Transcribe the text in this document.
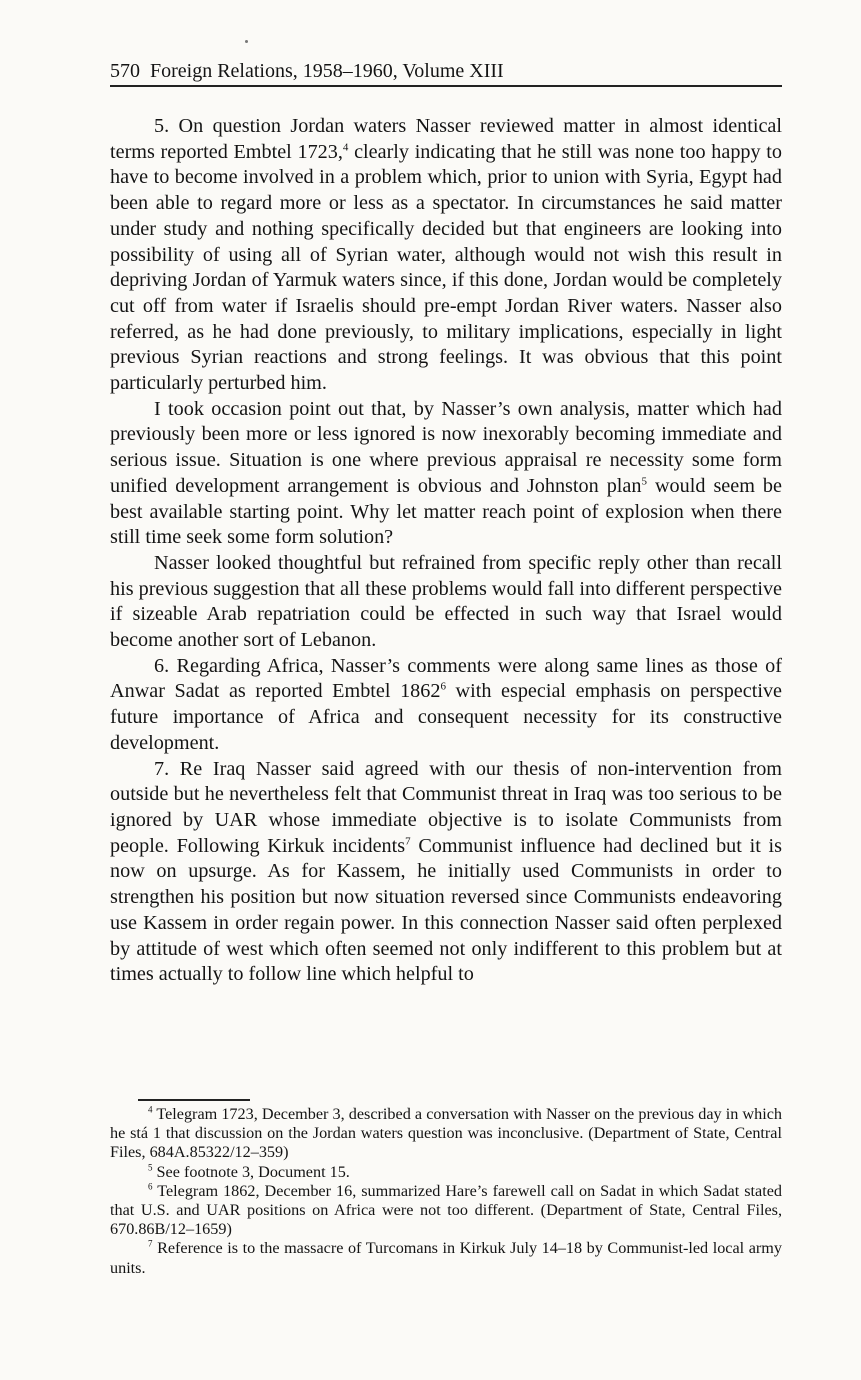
570 Foreign Relations, 1958–1960, Volume XIII

5. On question Jordan waters Nasser reviewed matter in almost identical terms reported Embtel 1723,$^4$ clearly indicating that he still was none too happy to have to become involved in a problem which, prior to union with Syria, Egypt had been able to regard more or less as a spectator. In circumstances he said matter under study and nothing specifically decided but that engineers are looking into possibility of using all of Syrian water, although would not wish this result in depriving Jordan of Yarmuk waters since, if this done, Jordan would be completely cut off from water if Israelis should pre-empt Jordan River waters. Nasser also referred, as he had done previously, to military implications, especially in light previous Syrian reactions and strong feelings. It was obvious that this point particularly perturbed him.

I took occasion point out that, by Nasser’s own analysis, matter which had previously been more or less ignored is now inexorably becoming immediate and serious issue. Situation is one where previous appraisal re necessity some form unified development arrangement is obvious and Johnston plan$^5$ would seem be best available starting point. Why let matter reach point of explosion when there still time seek some form solution?

Nasser looked thoughtful but refrained from specific reply other than recall his previous suggestion that all these problems would fall into different perspective if sizeable Arab repatriation could be effected in such way that Israel would become another sort of Lebanon.

6. Regarding Africa, Nasser’s comments were along same lines as those of Anwar Sadat as reported Embtel 1862$^6$ with especial emphasis on perspective future importance of Africa and consequent necessity for its constructive development.

7. Re Iraq Nasser said agreed with our thesis of non-intervention from outside but he nevertheless felt that Communist threat in Iraq was too serious to be ignored by UAR whose immediate objective is to isolate Communists from people. Following Kirkuk incidents$^7$ Communist influence had declined but it is now on upsurge. As for Kassem, he initially used Communists in order to strengthen his position but now situation reversed since Communists endeavoring use Kassem in order regain power. In this connection Nasser said often perplexed by attitude of west which often seemed not only indifferent to this problem but at times actually to follow line which helpful to

$^4$ Telegram 1723, December 3, described a conversation with Nasser on the previous day in which he stá 1 that discussion on the Jordan waters question was inconclusive. (Department of State, Central Files, 684A.85322/12–359)

$^5$ See footnote 3, Document 15.

$^6$ Telegram 1862, December 16, summarized Hare’s farewell call on Sadat in which Sadat stated that U.S. and UAR positions on Africa were not too different. (Department of State, Central Files, 670.86B/12–1659)

$^7$ Reference is to the massacre of Turcomans in Kirkuk July 14–18 by Communist-led local army units.
